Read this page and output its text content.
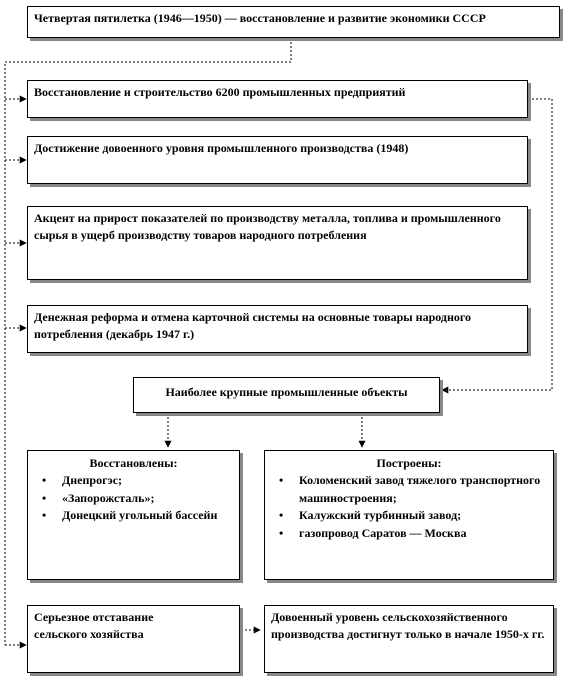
Четвертая пятилетка (1946—1950) — восстановление и развитие экономики СССР
Восстановление и строительство 6200 промышленных предприятий
Достижение довоенного уровня промышленного производства (1948)
Акцент на прирост показателей по производству металла, топлива и промышленного сырья в ущерб производству товаров народного потребления
Денежная реформа и отмена карточной системы на основные товары народного потребления (декабрь 1947 г.)
Наиболее крупные промышленные объекты
Восстановлены:
• Днепрогэс;
• «Запорожсталь»;
• Донецкий угольный бассейн
Построены:
• Коломенский завод тяжелого транспортного машиностроения;
• Калужский турбинный завод;
• газопровод Саратов — Москва
Серьезное отставание сельского хозяйства
Довоенный уровень сельскохозяйственного производства достигнут только в начале 1950-х гг.
